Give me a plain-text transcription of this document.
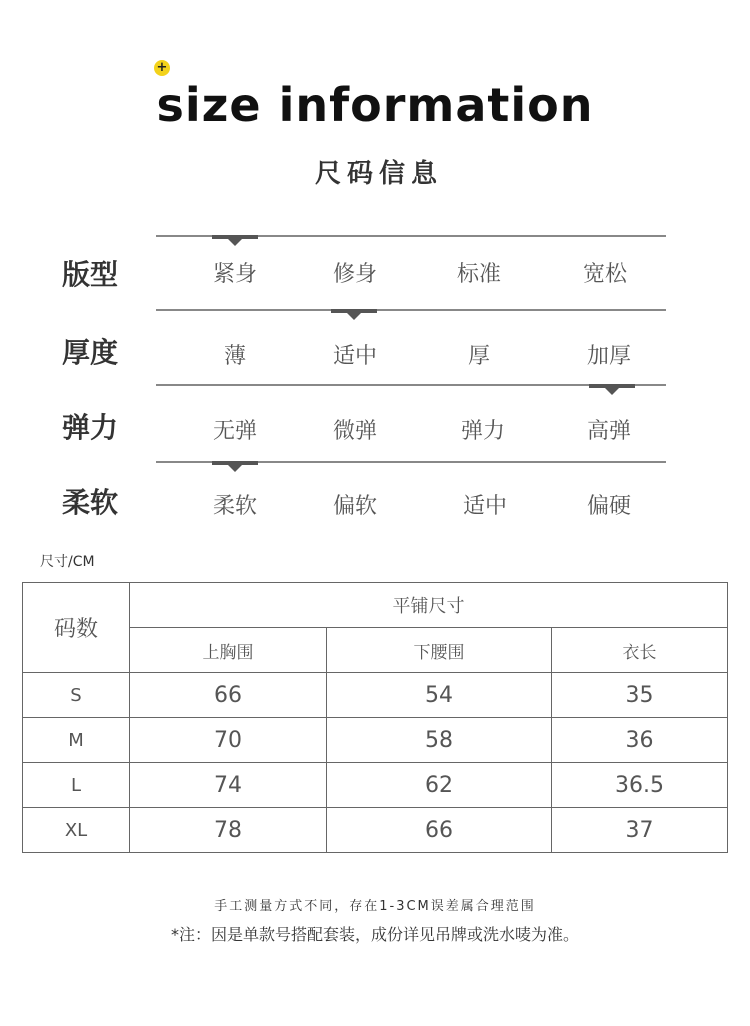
+
size information
尺码信息
版型	紧身	修身	标准	宽松
厚度	薄	适中	厚	加厚
弹力	无弹	微弹	弹力	高弹
柔软	柔软	偏软	适中	偏硬
尺寸/CM
码数	平铺尺寸		
	上胸围	下腰围	衣长
S	66	54	35
M	70	58	36
L	74	62	36.5
XL	78	66	37
手工测量方式不同，存在1-3CM误差属合理范围
*注：因是单款号搭配套装，成份详见吊牌或洗水唛为准。
